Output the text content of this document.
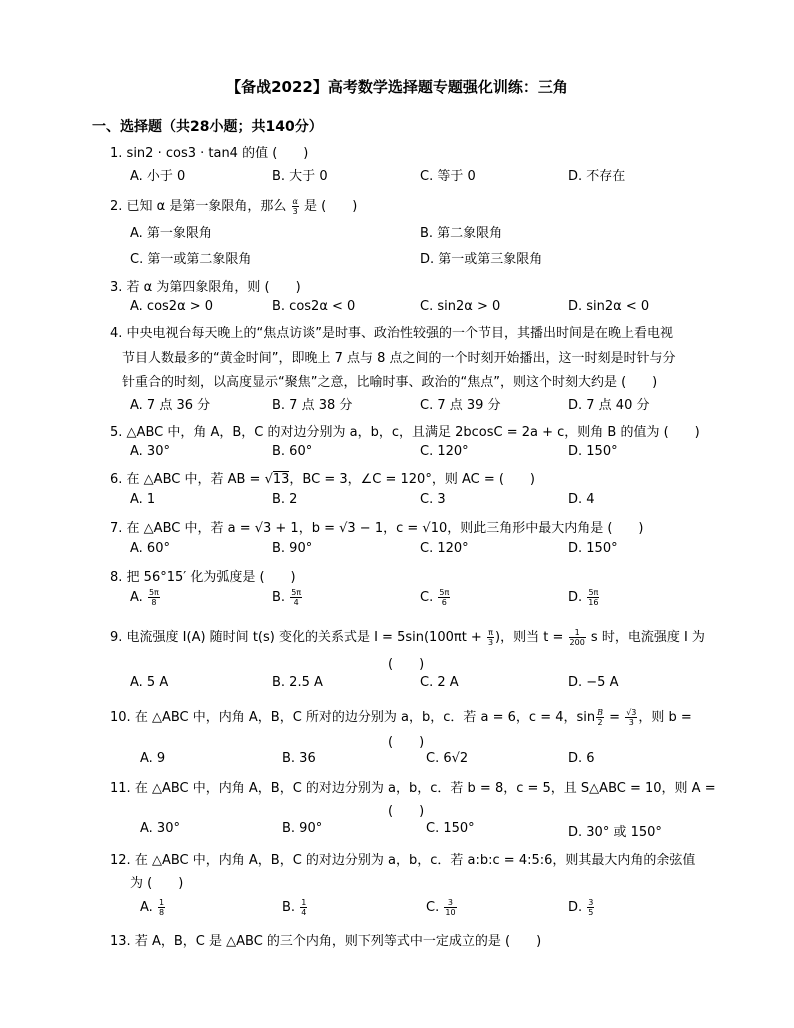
【备战2022】高考数学选择题专题强化训练：三角
一、选择题（共28小题；共140分）
1. sin2 · cos3 · tan4 的值 (　　)
A. 小于 0	B. 大于 0	C. 等于 0	D. 不存在
2. 已知 α 是第一象限角，那么 $\frac{\alpha}{3}$ 是 (　　)
A. 第一象限角	B. 第二象限角
C. 第一或第二象限角	D. 第一或第三象限角
3. 若 α 为第四象限角，则 (　　)
A. cos2α > 0	B. cos2α < 0	C. sin2α > 0	D. sin2α < 0
4. 中央电视台每天晚上的“焦点访谈”是时事、政治性较强的一个节目，其播出时间是在晚上看电视
节目人数最多的“黄金时间”，即晚上 7 点与 8 点之间的一个时刻开始播出，这一时刻是时针与分
针重合的时刻，以高度显示“聚焦”之意，比喻时事、政治的“焦点”，则这个时刻大约是 (　　)
A. 7 点 36 分	B. 7 点 38 分	C. 7 点 39 分	D. 7 点 40 分
5. △ABC 中，角 A，B，C 的对边分别为 a，b，c，且满足 2bcosC = 2a + c，则角 B 的值为 (　　)
A. 30°	B. 60°	C. 120°	D. 150°
6. 在 △ABC 中，若 AB = √13，BC = 3，∠C = 120°，则 AC = (　　)
A. 1	B. 2	C. 3	D. 4
7. 在 △ABC 中，若 a = √3 + 1，b = √3 − 1，c = √10，则此三角形中最大内角是 (　　)
A. 60°	B. 90°	C. 120°	D. 150°
8. 把 56°15′ 化为弧度是 (　　)
A. $\frac{5\pi}{8}$	B. $\frac{5\pi}{4}$	C. $\frac{5\pi}{6}$	D. $\frac{5\pi}{16}$
9. 电流强度 I(A) 随时间 t(s) 变化的关系式是 $I = 5\sin(100\pi t + \frac{\pi}{3}$ )，则当 $t = \frac{1}{200}$ s 时，电流强度 I 为
(　　)
A. 5 A	B. 2.5 A	C. 2 A	D. −5 A
10. 在 △ABC 中，内角 A，B，C 所对的边分别为 a，b，c．若 a = 6，c = 4，$\sin \frac{B}{2} = \frac{√3}{3}$ ，则 b =
(　　)
A. 9	B. 36	C. 6√2	D. 6
11. 在 △ABC 中，内角 A，B，C 的对边分别为 a，b，c．若 b = 8，c = 5，且 S△ABC = 10，则 A =
(　　)
A. 30°	B. 90°	C. 150°	D. 30° 或 150°
12. 在 △ABC 中，内角 A，B，C 的对边分别为 a，b，c．若 a:b:c = 4:5:6，则其最大内角的余弦值
为 (　　)
A. $\frac{1}{8}$	B. $\frac{1}{4}$	C. $\frac{3}{10}$	D. $\frac{3}{5}$
13. 若 A，B，C 是 △ABC 的三个内角，则下列等式中一定成立的是 (　　)
